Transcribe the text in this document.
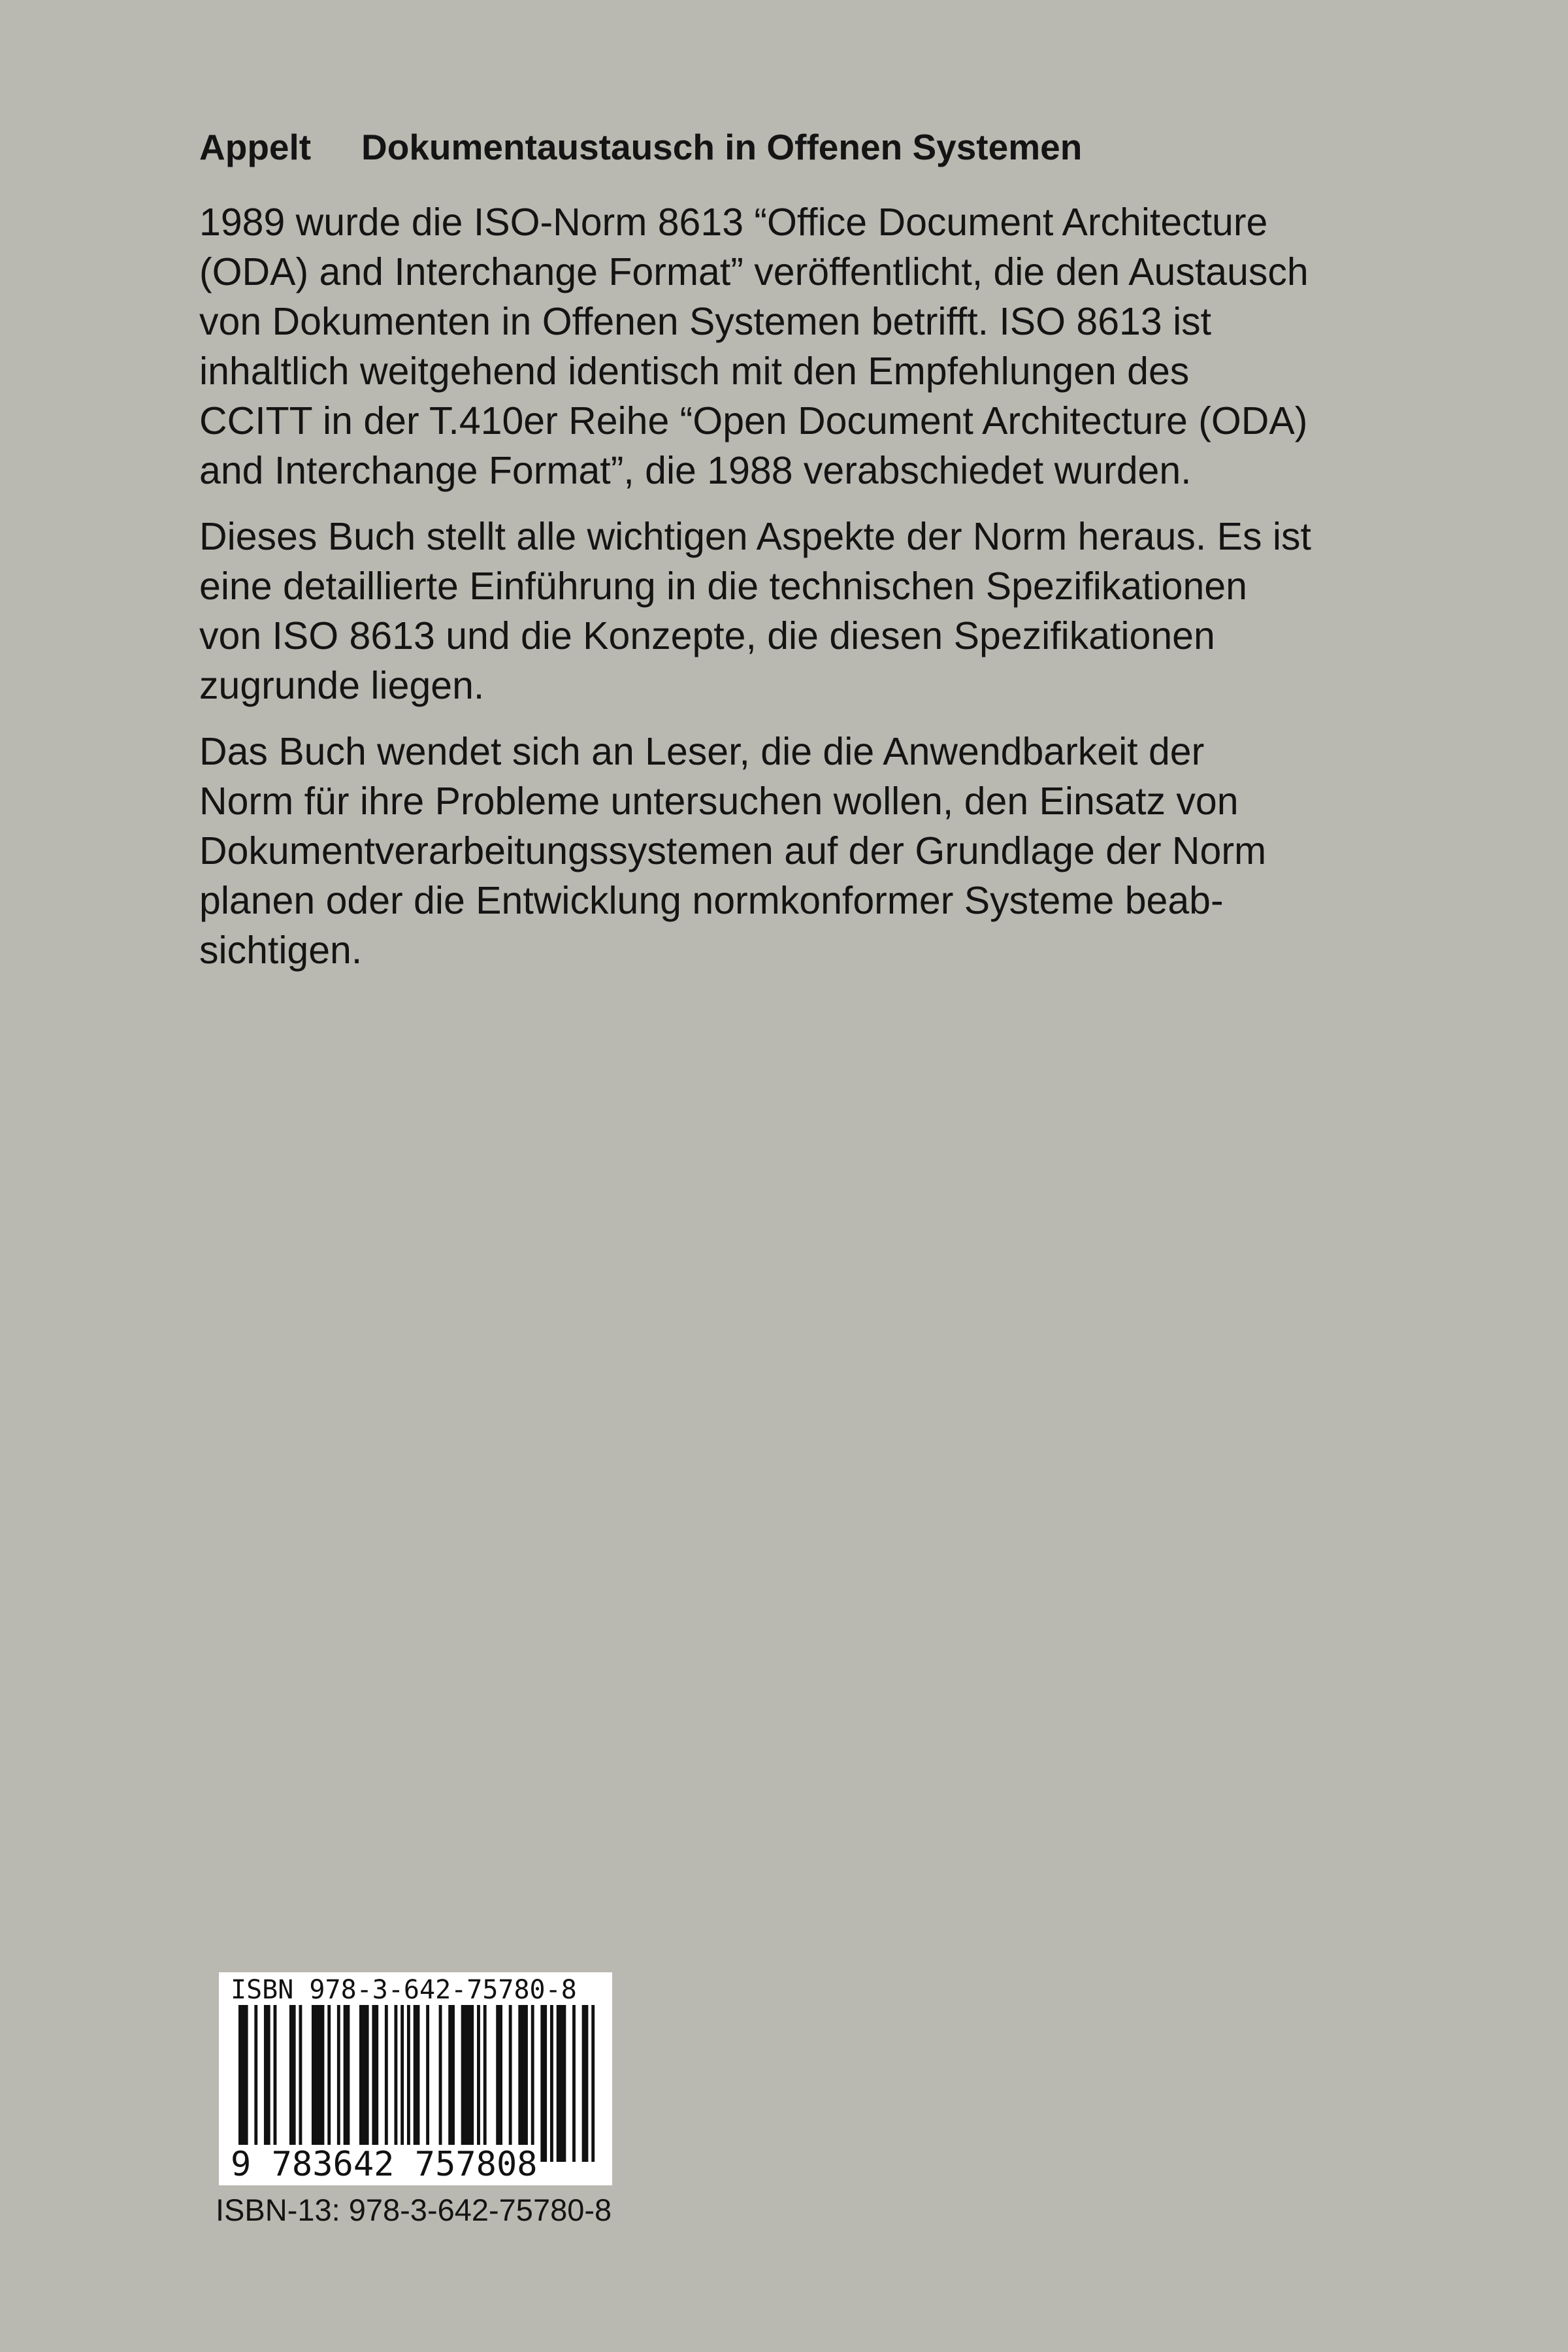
Appelt Dokumentaustausch in Offenen Systemen

1989 wurde die ISO-Norm 8613 “Office Document Architecture
(ODA) and Interchange Format” veröffentlicht, die den Austausch
von Dokumenten in Offenen Systemen betrifft. ISO 8613 ist
inhaltlich weitgehend identisch mit den Empfehlungen des
CCITT in der T.410er Reihe “Open Document Architecture (ODA)
and Interchange Format”, die 1988 verabschiedet wurden.

Dieses Buch stellt alle wichtigen Aspekte der Norm heraus. Es ist
eine detaillierte Einführung in die technischen Spezifikationen
von ISO 8613 und die Konzepte, die diesen Spezifikationen
zugrunde liegen.

Das Buch wendet sich an Leser, die die Anwendbarkeit der
Norm für ihre Probleme untersuchen wollen, den Einsatz von
Dokumentverarbeitungssystemen auf der Grundlage der Norm
planen oder die Entwicklung normkonformer Systeme beab-
sichtigen.

ISBN 978-3-642-75780-8
9 783642 757808
ISBN-13: 978-3-642-75780-8
